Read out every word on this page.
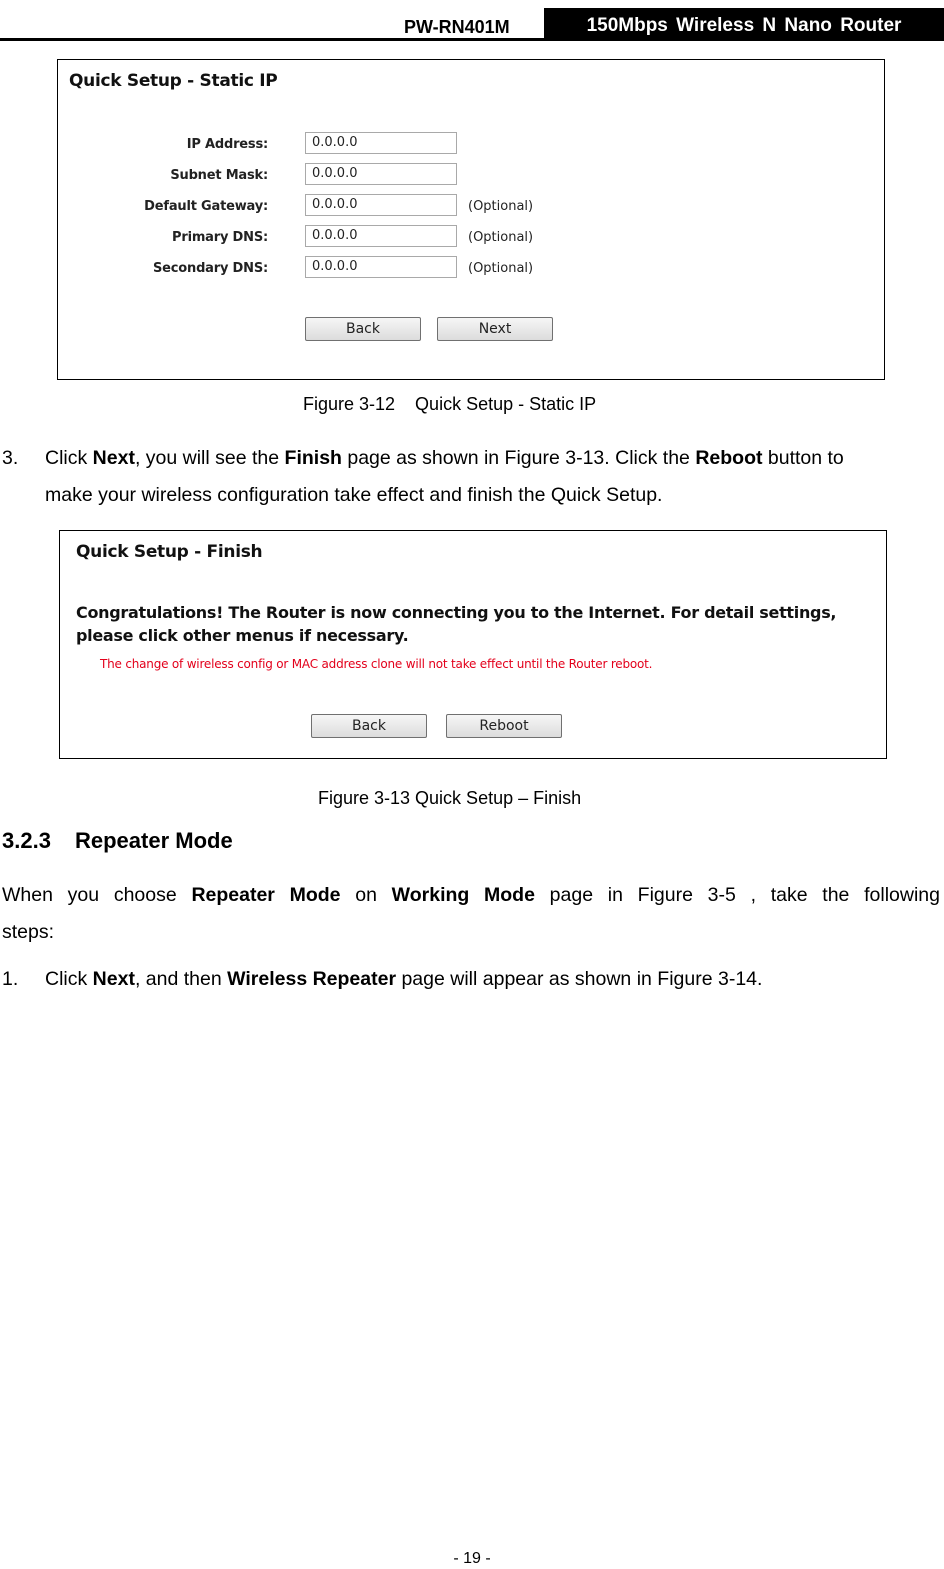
PW-RN401M	150Mbps Wireless N Nano Router
Quick Setup - Static IP
IP Address:	0.0.0.0
Subnet Mask:	0.0.0.0
Default Gateway:	0.0.0.0	(Optional)
Primary DNS:	0.0.0.0	(Optional)
Secondary DNS:	0.0.0.0	(Optional)
Back	Next
Figure 3-12    Quick Setup - Static IP
3. Click Next, you will see the Finish page as shown in Figure 3-13. Click the Reboot button to
make your wireless configuration take effect and finish the Quick Setup.
Quick Setup - Finish
Congratulations! The Router is now connecting you to the Internet. For detail settings,
please click other menus if necessary.
The change of wireless config or MAC address clone will not take effect until the Router reboot.
Back	Reboot
Figure 3-13 Quick Setup – Finish
3.2.3 Repeater Mode
When  you  choose  Repeater  Mode  on  Working  Mode  page  in  Figure  3-5  ,  take  the  following
steps:
1. Click Next, and then Wireless Repeater page will appear as shown in Figure 3-14.
- 19 -
